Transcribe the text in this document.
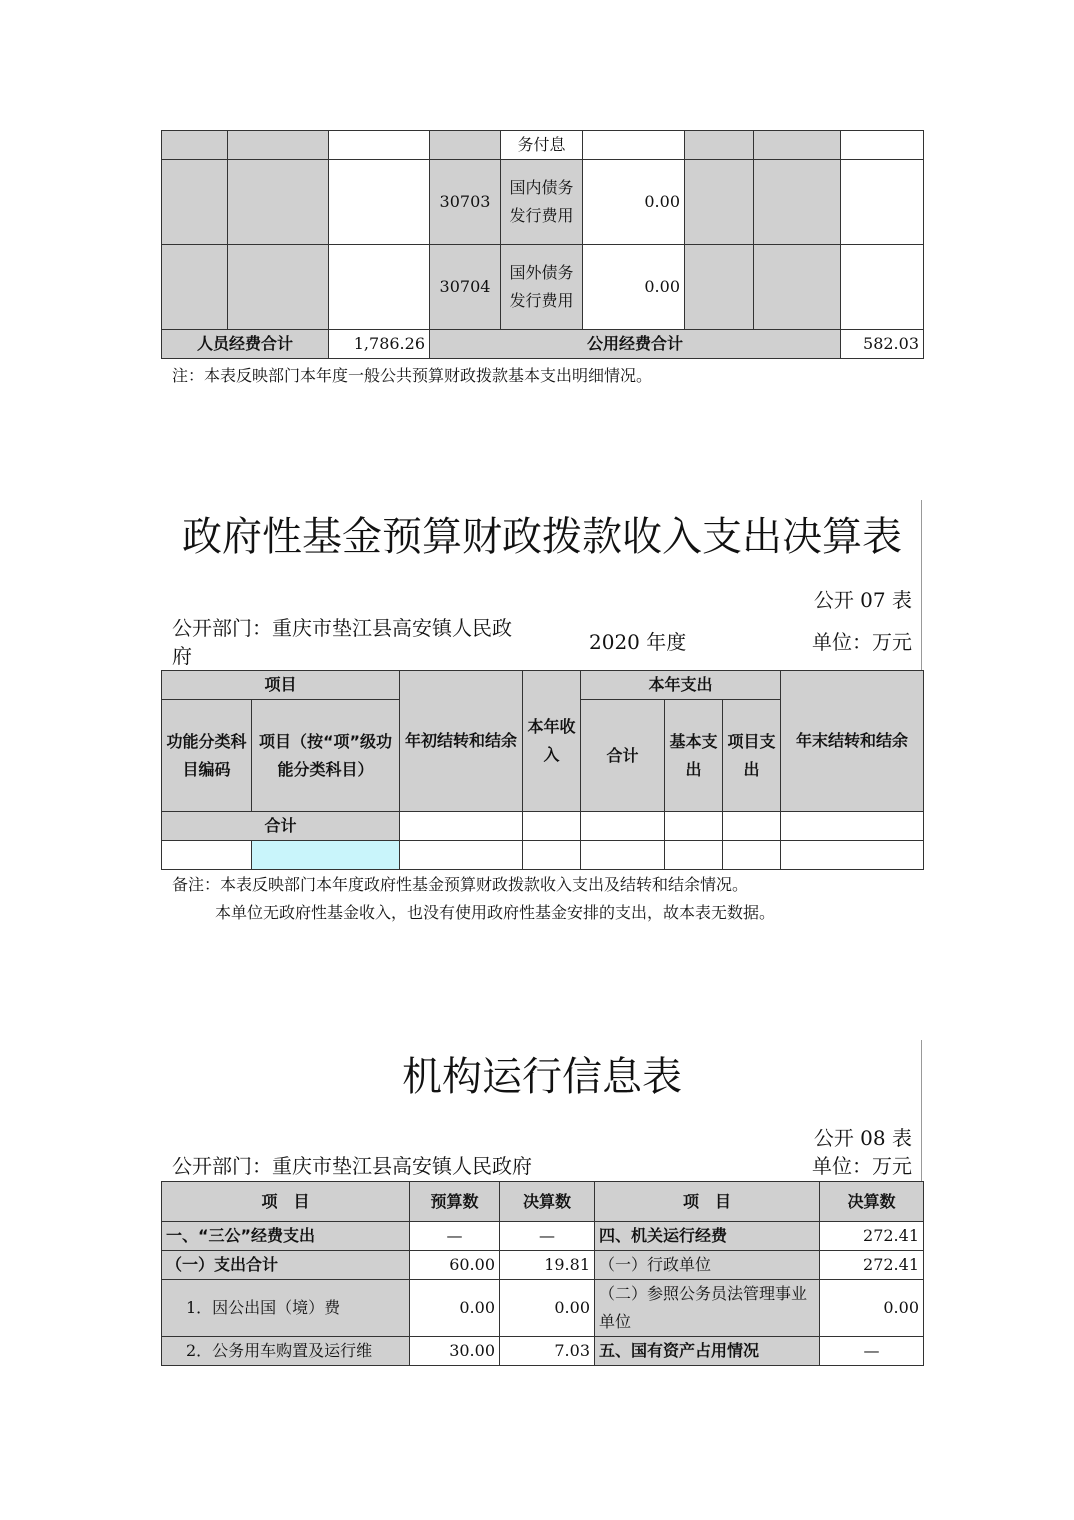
				务付息				
			30703	国内债务发行费用	0.00			
			30704	国外债务发行费用	0.00			
人员经费合计		1,786.26	公用经费合计					582.03
注：本表反映部门本年度一般公共预算财政拨款基本支出明细情况。
政府性基金预算财政拨款收入支出决算表
公开 07 表
公开部门：重庆市垫江县高安镇人民政府
2020 年度	单位：万元
项目		年初结转和结余	本年收入	本年支出			年末结转和结余
功能分类科目编码	项目（按“项”级功能分类科目）			合计	基本支出	项目支出	
合计							

备注：本表反映部门本年度政府性基金预算财政拨款收入支出及结转和结余情况。
本单位无政府性基金收入，也没有使用政府性基金安排的支出，故本表无数据。
机构运行信息表
公开 08 表
公开部门：重庆市垫江县高安镇人民政府	单位：万元
项　目	预算数	决算数	项　目	决算数
一、“三公”经费支出	—	—	四、机关运行经费	272.41
（一）支出合计	60.00	19.81	（一）行政单位	272.41
1．因公出国（境）费	0.00	0.00	（二）参照公务员法管理事业单位	0.00
2．公务用车购置及运行维	30.00	7.03	五、国有资产占用情况	—
